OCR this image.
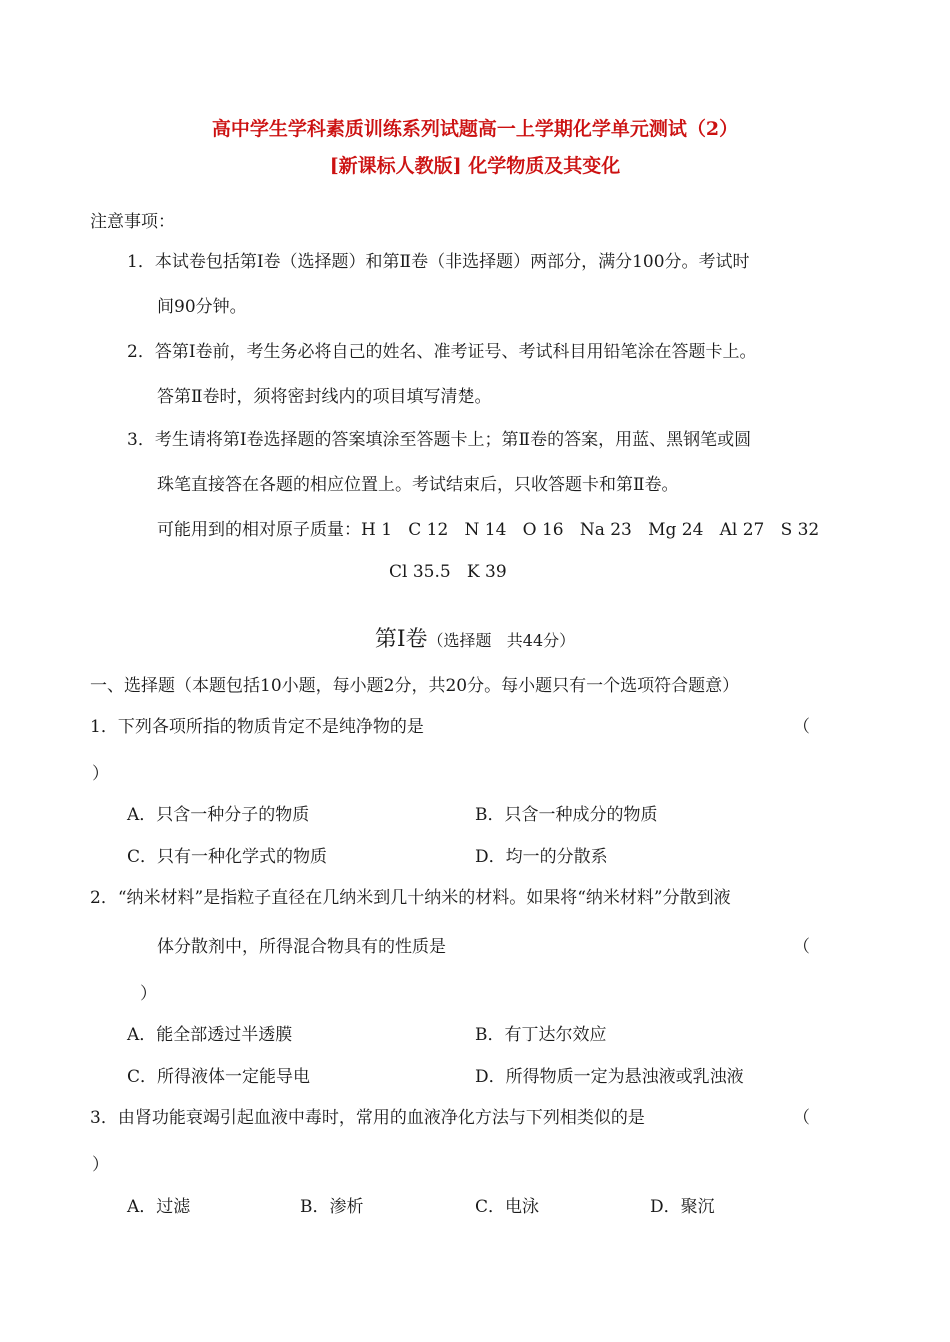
高中学生学科素质训练系列试题高一上学期化学单元测试（2）
[新课标人教版] 化学物质及其变化
注意事项：
1．本试卷包括第Ⅰ卷（选择题）和第Ⅱ卷（非选择题）两部分，满分100分。考试时
间90分钟。
2．答第Ⅰ卷前，考生务必将自己的姓名、准考证号、考试科目用铅笔涂在答题卡上。
答第Ⅱ卷时，须将密封线内的项目填写清楚。
3．考生请将第Ⅰ卷选择题的答案填涂至答题卡上；第Ⅱ卷的答案，用蓝、黑钢笔或圆
珠笔直接答在各题的相应位置上。考试结束后，只收答题卡和第Ⅱ卷。
可能用到的相对原子质量：H 1   C 12   N 14   O 16   Na 23   Mg 24   Al 27   S 32
Cl 35.5   K 39
第Ⅰ卷（选择题   共44分）
一、选择题（本题包括10小题，每小题2分，共20分。每小题只有一个选项符合题意）
1．下列各项所指的物质肯定不是纯净物的是	（
）
A．只含一种分子的物质	B．只含一种成分的物质
C．只有一种化学式的物质	D．均一的分散系
2．“纳米材料”是指粒子直径在几纳米到几十纳米的材料。如果将“纳米材料”分散到液
体分散剂中，所得混合物具有的性质是	（
）
A．能全部透过半透膜	B．有丁达尔效应
C．所得液体一定能导电	D．所得物质一定为悬浊液或乳浊液
3．由肾功能衰竭引起血液中毒时，常用的血液净化方法与下列相类似的是	（
）
A．过滤	B．渗析	C．电泳	D．聚沉
